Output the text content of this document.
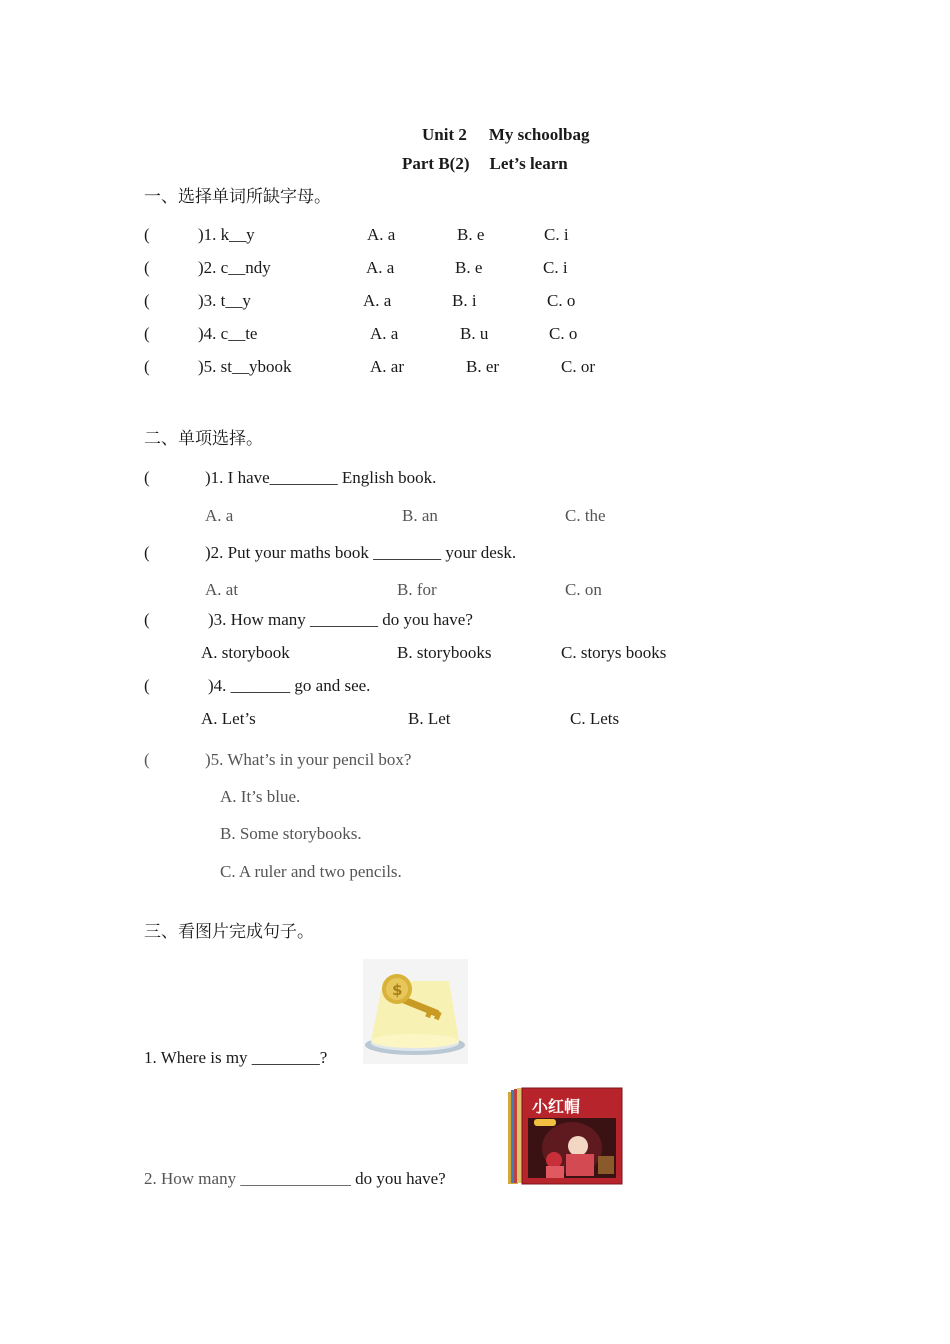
Unit 2 My schoolbag
Part B(2) Let’s learn
一、选择单词所缺字母。
(	)1. k__y	A. a	B. e	C. i
(	)2. c__ndy	A. a	B. e	C. i
(	)3. t__y	A. a	B. i	C. o
(	)4. c__te	A. a	B. u	C. o
(	)5. st__ybook	A. ar	B. er	C. or
二、单项选择。
(	)1. I have________ English book.
A. a	B. an	C. the
(	)2. Put your maths book ________ your desk.
A. at	B. for	C. on
(	)3. How many ________ do you have?
A. storybook	B. storybooks	C. storys books
(	)4. _______ go and see.
A. Let’s	B. Let	C. Lets
(	)5. What’s in your pencil box?
A. It’s blue.
B. Some storybooks.
C. A ruler and two pencils.
三、看图片完成句子。
1. Where is my ________?
$
2. How many _____________ do you have?
小红帽
